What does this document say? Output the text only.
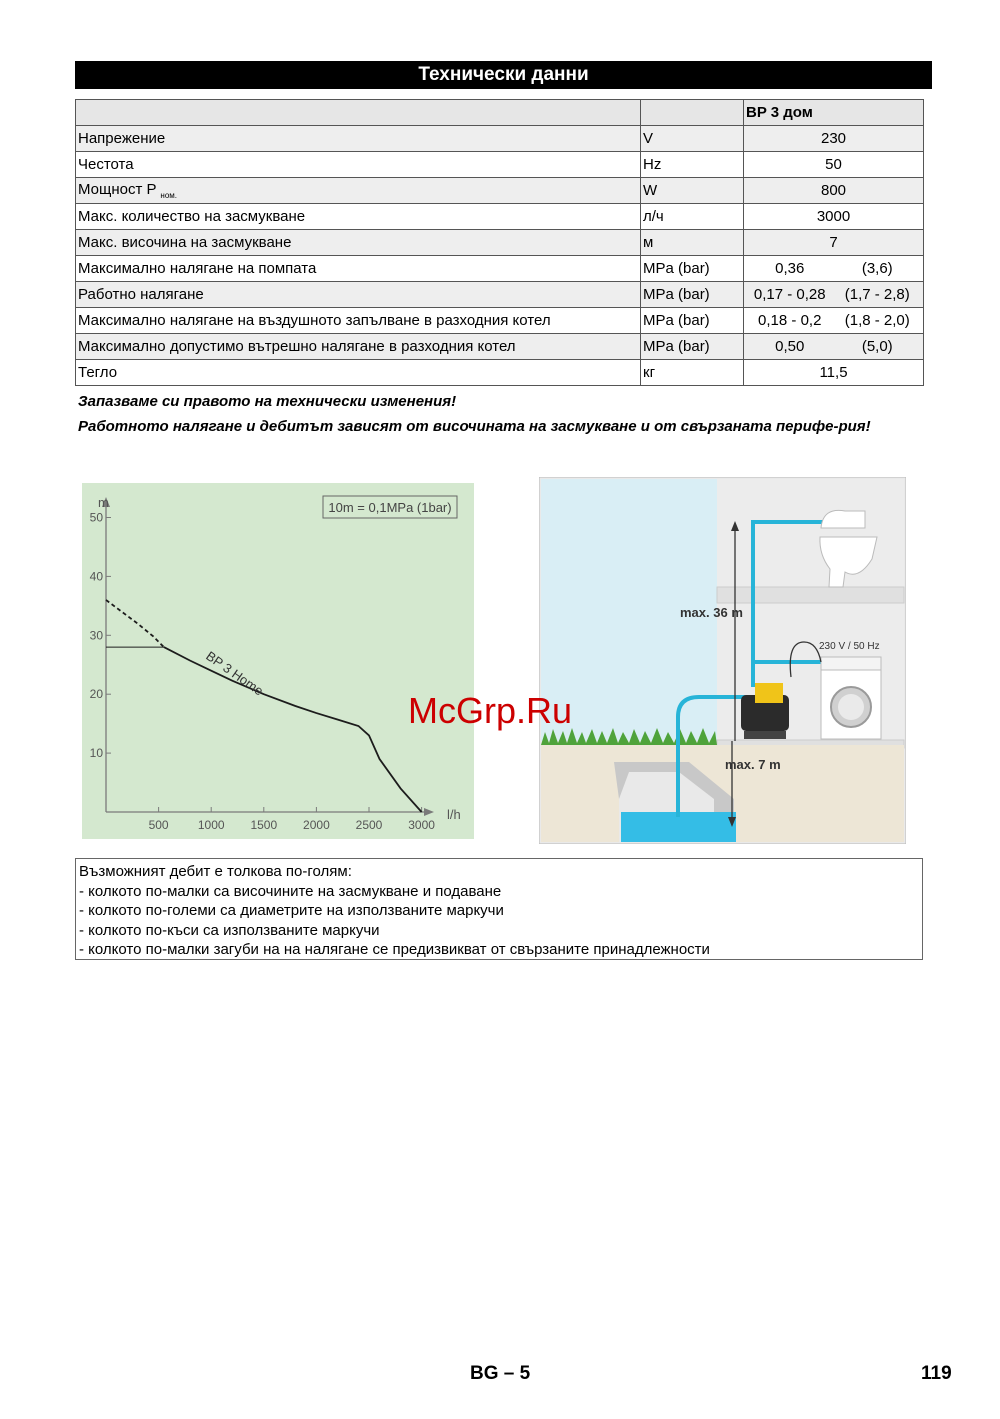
Технически данни
		BP 3 дом
Напрежение	V	230
Честота	Hz	50
Мощност P $_{ном.}$	W	800
Макс. количество на засмукване	л/ч	3000
Макс. височина на засмукване	м	7
Максимално налягане на помпата	MPa (bar)	0,36 (3,6)

Работно налягане	MPa (bar)	0,17 - 0,28 (1,7 - 2,8)

Максимално налягане на въздушното запълване в разходния котел	MPa (bar)	0,18 - 0,2 (1,8 - 2,0)

Максимално допустимо вътрешно налягане в разходния котел	MPa (bar)	0,50 (5,0)

Тегло	кг	11,5
Запазваме си правото на технически изменения!
Работното налягане и дебитът зависят от височината на засмукване и от свързаната перифе-рия!
500 1000 1500 2000 2500 3000
10
20
30
40
50
l/h
m	10m = 0,1MPa (1bar)
BP 3 Home
max. 36 m
max. 7 m
230 V / 50 Hz
McGrp.Ru
Възможният дебит е толкова по-голям:
- колкото по-малки са височините на засмукване и подаване
- колкото по-големи са диаметрите на използваните маркучи
- колкото по-къси са използваните маркучи
- колкото по-малки загуби на на налягане се предизвикват от свързаните принадлежности
BG – 5	119
